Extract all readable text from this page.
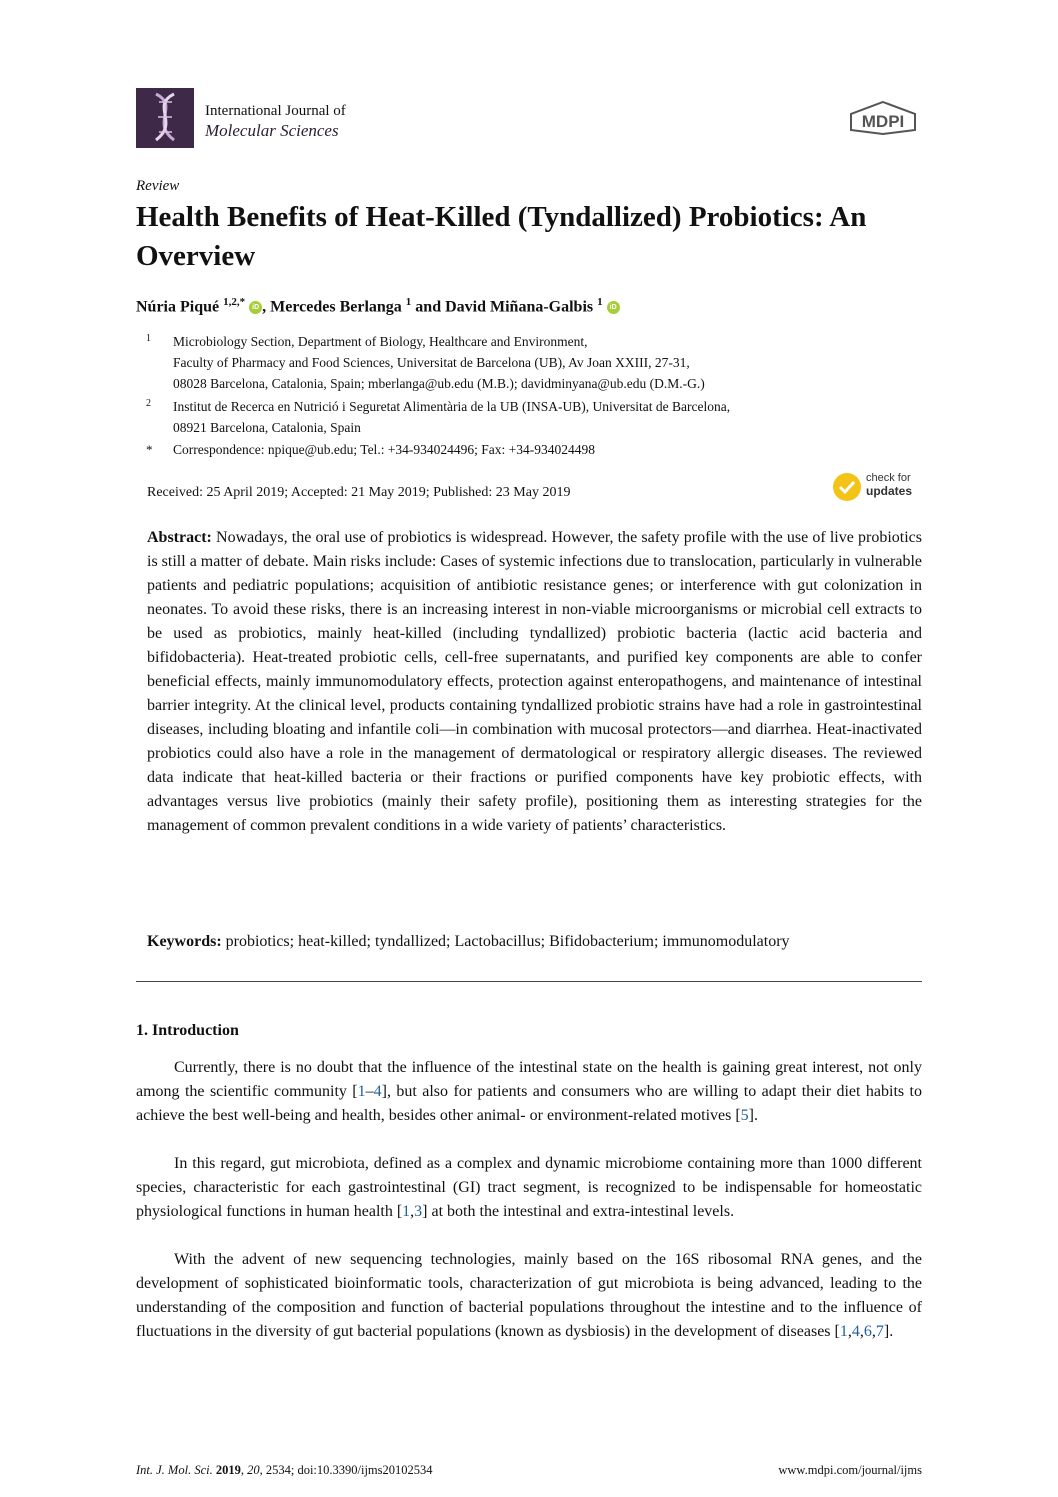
International Journal of
Molecular Sciences	MDPI
Review
Health Benefits of Heat-Killed (Tyndallized) Probiotics: An Overview
Núria Piqué $^{1,2,*}$ iD , Mercedes Berlanga $^1$ and David Miñana-Galbis $^1$ iD
1 Microbiology Section, Department of Biology, Healthcare and Environment,
Faculty of Pharmacy and Food Sciences, Universitat de Barcelona (UB), Av Joan XXIII, 27-31,
08028 Barcelona, Catalonia, Spain; mberlanga@ub.edu (M.B.); davidminyana@ub.edu (D.M.-G.)
2 Institut de Recerca en Nutrició i Seguretat Alimentària de la UB (INSA-UB), Universitat de Barcelona,
08921 Barcelona, Catalonia, Spain
* Correspondence: npique@ub.edu; Tel.: +34-934024496; Fax: +34-934024498
Received: 25 April 2019; Accepted: 21 May 2019; Published: 23 May 2019
check for
updates
Abstract: Nowadays, the oral use of probiotics is widespread. However, the safety profile with the use of live probiotics is still a matter of debate. Main risks include: Cases of systemic infections due to translocation, particularly in vulnerable patients and pediatric populations; acquisition of antibiotic resistance genes; or interference with gut colonization in neonates. To avoid these risks, there is an increasing interest in non-viable microorganisms or microbial cell extracts to be used as probiotics, mainly heat-killed (including tyndallized) probiotic bacteria (lactic acid bacteria and bifidobacteria). Heat-treated probiotic cells, cell-free supernatants, and purified key components are able to confer beneficial effects, mainly immunomodulatory effects, protection against enteropathogens, and maintenance of intestinal barrier integrity. At the clinical level, products containing tyndallized probiotic strains have had a role in gastrointestinal diseases, including bloating and infantile coli—in combination with mucosal protectors—and diarrhea. Heat-inactivated probiotics could also have a role in the management of dermatological or respiratory allergic diseases. The reviewed data indicate that heat-killed bacteria or their fractions or purified components have key probiotic effects, with advantages versus live probiotics (mainly their safety profile), positioning them as interesting strategies for the management of common prevalent conditions in a wide variety of patients’ characteristics.
Keywords: probiotics; heat-killed; tyndallized; Lactobacillus; Bifidobacterium; immunomodulatory
1. Introduction

Currently, there is no doubt that the influence of the intestinal state on the health is gaining great interest, not only among the scientific community [1–4], but also for patients and consumers who are willing to adapt their diet habits to achieve the best well-being and health, besides other animal- or environment-related motives [5].

In this regard, gut microbiota, defined as a complex and dynamic microbiome containing more than 1000 different species, characteristic for each gastrointestinal (GI) tract segment, is recognized to be indispensable for homeostatic physiological functions in human health [1,3] at both the intestinal and extra-intestinal levels.

With the advent of new sequencing technologies, mainly based on the 16S ribosomal RNA genes, and the development of sophisticated bioinformatic tools, characterization of gut microbiota is being advanced, leading to the understanding of the composition and function of bacterial populations throughout the intestine and to the influence of fluctuations in the diversity of gut bacterial populations (known as dysbiosis) in the development of diseases [1,4,6,7].

Int. J. Mol. Sci. 2019, 20, 2534; doi:10.3390/ijms20102534	www.mdpi.com/journal/ijms
